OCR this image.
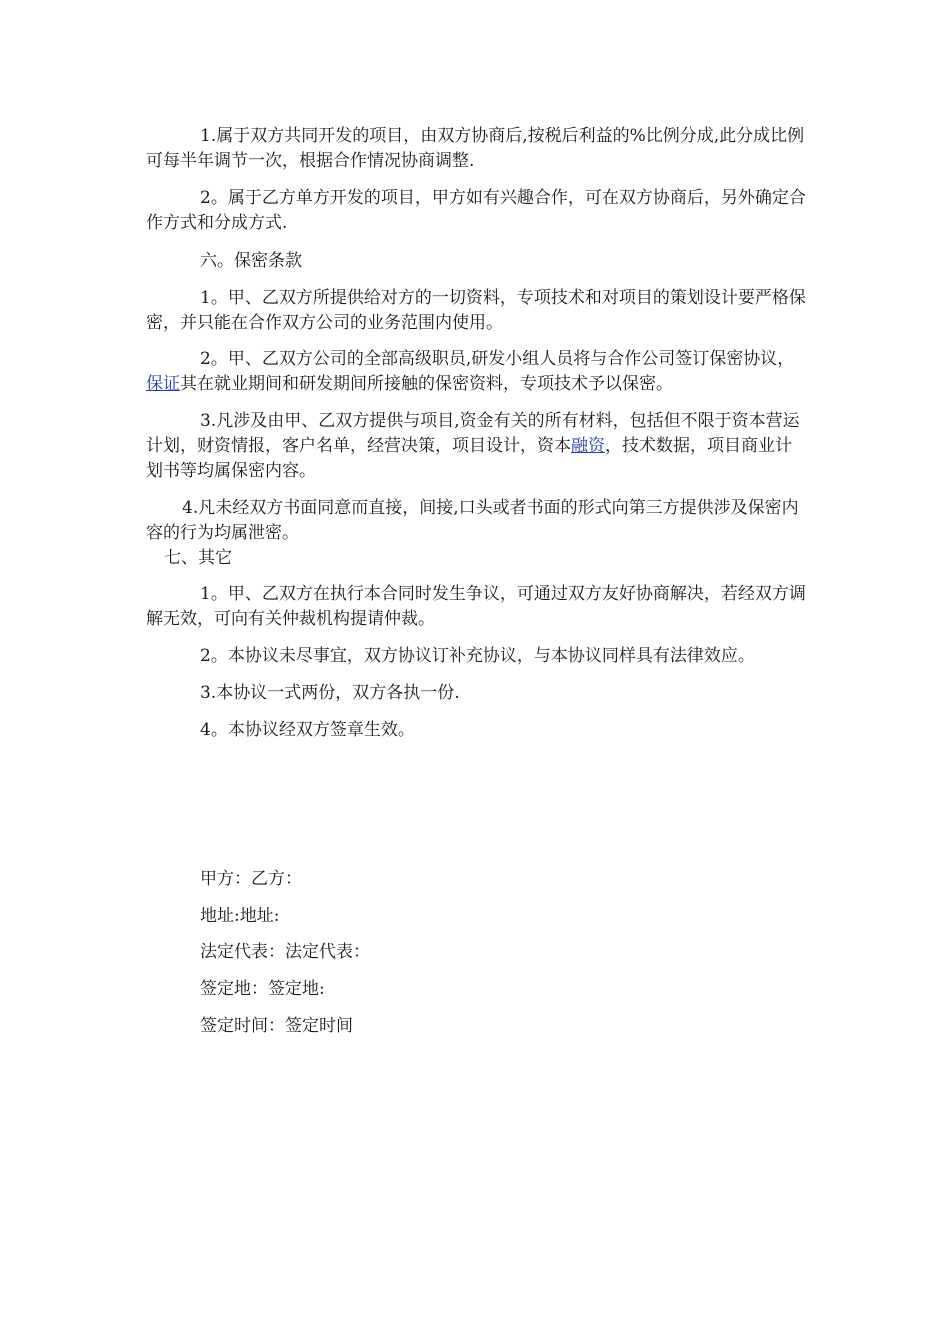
1.属于双方共同开发的项目，由双方协商后,按税后利益的%比例分成,此分成比例可每半年调节一次，根据合作情况协商调整.

2。属于乙方单方开发的项目，甲方如有兴趣合作，可在双方协商后，另外确定合作方式和分成方式.

六。保密条款

1。甲、乙双方所提供给对方的一切资料，专项技术和对项目的策划设计要严格保密，并只能在合作双方公司的业务范围内使用。

2。甲、乙双方公司的全部高级职员,研发小组人员将与合作公司签订保密协议，保证其在就业期间和研发期间所接触的保密资料，专项技术予以保密。

3.凡涉及由甲、乙双方提供与项目,资金有关的所有材料，包括但不限于资本营运计划，财资情报，客户名单，经营决策，项目设计，资本融资，技术数据，项目商业计划书等均属保密内容。

4.凡未经双方书面同意而直接，间接,口头或者书面的形式向第三方提供涉及保密内容的行为均属泄密。

七、其它

1。甲、乙双方在执行本合同时发生争议，可通过双方友好协商解决，若经双方调解无效，可向有关仲裁机构提请仲裁。

2。本协议未尽事宜，双方协议订补充协议，与本协议同样具有法律效应。

3.本协议一式两份，双方各执一份.

4。本协议经双方签章生效。

甲方：乙方：

地址:地址:

法定代表：法定代表：

签定地：签定地:

签定时间：签定时间
